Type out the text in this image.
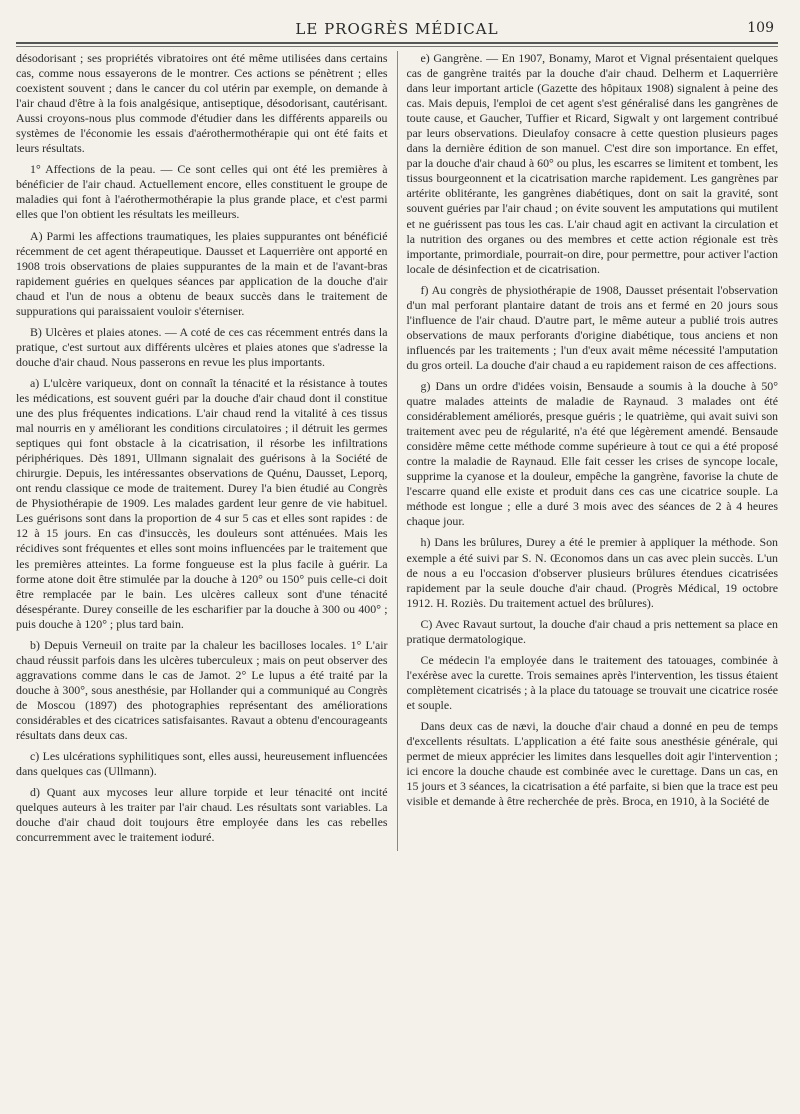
LE PROGRÈS MÉDICAL	109

désodorisant ; ses propriétés vibratoires ont été même utilisées dans certains cas, comme nous essayerons de le montrer. Ces actions se pénètrent ; elles coexistent souvent ; dans le cancer du col utérin par exemple, on demande à l'air chaud d'être à la fois analgésique, antiseptique, désodorisant, cautérisant. Aussi croyons-nous plus commode d'étudier dans les différents appareils ou systèmes de l'économie les essais d'aérothermothérapie qui ont été faits et leurs résultats.

1° Affections de la peau. — Ce sont celles qui ont été les premières à bénéficier de l'air chaud. Actuellement encore, elles constituent le groupe de maladies qui font à l'aérothermothérapie la plus grande place, et c'est parmi elles que l'on obtient les résultats les meilleurs.

A) Parmi les affections traumatiques, les plaies suppurantes ont bénéficié récemment de cet agent thérapeutique. Dausset et Laquerrière ont apporté en 1908 trois observations de plaies suppurantes de la main et de l'avant-bras rapidement guéries en quelques séances par application de la douche d'air chaud et l'un de nous a obtenu de beaux succès dans le traitement de suppurations qui paraissaient vouloir s'éterniser.

B) Ulcères et plaies atones. — A coté de ces cas récemment entrés dans la pratique, c'est surtout aux différents ulcères et plaies atones que s'adresse la douche d'air chaud. Nous passerons en revue les plus importants.

a) L'ulcère variqueux, dont on connaît la ténacité et la résistance à toutes les médications, est souvent guéri par la douche d'air chaud dont il constitue une des plus fréquentes indications. L'air chaud rend la vitalité à ces tissus mal nourris en y améliorant les conditions circulatoires ; il détruit les germes septiques qui font obstacle à la cicatrisation, il résorbe les infiltrations périphériques. Dès 1891, Ullmann signalait des guérisons à la Société de chirurgie. Depuis, les intéressantes observations de Quénu, Dausset, Leporq, ont rendu classique ce mode de traitement. Durey l'a bien étudié au Congrès de Physiothérapie de 1909. Les malades gardent leur genre de vie habituel. Les guérisons sont dans la proportion de 4 sur 5 cas et elles sont rapides : de 12 à 15 jours. En cas d'insuccès, les douleurs sont atténuées. Mais les récidives sont fréquentes et elles sont moins influencées par le traitement que les premières atteintes. La forme fongueuse est la plus facile à guérir. La forme atone doit être stimulée par la douche à 120° ou 150° puis celle-ci doit être remplacée par le bain. Les ulcères calleux sont d'une ténacité désespérante. Durey conseille de les escharifier par la douche à 300 ou 400° ; puis douche à 120° ; plus tard bain.

b) Depuis Verneuil on traite par la chaleur les bacilloses locales. 1° L'air chaud réussit parfois dans les ulcères tuberculeux ; mais on peut observer des aggravations comme dans le cas de Jamot. 2° Le lupus a été traité par la douche à 300°, sous anesthésie, par Hollander qui a communiqué au Congrès de Moscou (1897) des photographies représentant des améliorations considérables et des cicatrices satisfaisantes. Ravaut a obtenu d'encourageants résultats dans deux cas.

c) Les ulcérations syphilitiques sont, elles aussi, heureusement influencées dans quelques cas (Ullmann).

d) Quant aux mycoses leur allure torpide et leur ténacité ont incité quelques auteurs à les traiter par l'air chaud. Les résultats sont variables. La douche d'air chaud doit toujours être employée dans les cas rebelles concurremment avec le traitement ioduré.

e) Gangrène. — En 1907, Bonamy, Marot et Vignal présentaient quelques cas de gangrène traités par la douche d'air chaud. Delherm et Laquerrière dans leur important article (Gazette des hôpitaux 1908) signalent à peine des cas. Mais depuis, l'emploi de cet agent s'est généralisé dans les gangrènes de toute cause, et Gaucher, Tuffier et Ricard, Sigwalt y ont largement contribué par leurs observations. Dieulafoy consacre à cette question plusieurs pages dans la dernière édition de son manuel. C'est dire son importance. En effet, par la douche d'air chaud à 60° ou plus, les escarres se limitent et tombent, les tissus bourgeonnent et la cicatrisation marche rapidement. Les gangrènes par artérite oblitérante, les gangrènes diabétiques, dont on sait la gravité, sont souvent guéries par l'air chaud ; on évite souvent les amputations qui mutilent et ne guérissent pas tous les cas. L'air chaud agit en activant la circulation et la nutrition des organes ou des membres et cette action régionale est très importante, primordiale, pourrait-on dire, pour permettre, pour activer l'action locale de désinfection et de cicatrisation.

f) Au congrès de physiothérapie de 1908, Dausset présentait l'observation d'un mal perforant plantaire datant de trois ans et fermé en 20 jours sous l'influence de l'air chaud. D'autre part, le même auteur a publié trois autres observations de maux perforants d'origine diabétique, tous anciens et non influencés par les traitements ; l'un d'eux avait même nécessité l'amputation du gros orteil. La douche d'air chaud a eu rapidement raison de ces affections.

g) Dans un ordre d'idées voisin, Bensaude a soumis à la douche à 50° quatre malades atteints de maladie de Raynaud. 3 malades ont été considérablement améliorés, presque guéris ; le quatrième, qui avait suivi son traitement avec peu de régularité, n'a été que légèrement amendé. Bensaude considère même cette méthode comme supérieure à tout ce qui a été proposé contre la maladie de Raynaud. Elle fait cesser les crises de syncope locale, supprime la cyanose et la douleur, empêche la gangrène, favorise la chute de l'escarre quand elle existe et produit dans ces cas une cicatrice souple. La méthode est longue ; elle a duré 3 mois avec des séances de 2 à 4 heures chaque jour.

h) Dans les brûlures, Durey a été le premier à appliquer la méthode. Son exemple a été suivi par S. N. Œconomos dans un cas avec plein succès. L'un de nous a eu l'occasion d'observer plusieurs brûlures étendues cicatrisées rapidement par la seule douche d'air chaud. (Progrès Médical, 19 octobre 1912. H. Roziès. Du traitement actuel des brûlures).

C) Avec Ravaut surtout, la douche d'air chaud a pris nettement sa place en pratique dermatologique.

Ce médecin l'a employée dans le traitement des tatouages, combinée à l'exérèse avec la curette. Trois semaines après l'intervention, les tissus étaient complètement cicatrisés ; à la place du tatouage se trouvait une cicatrice rosée et souple.

Dans deux cas de nævi, la douche d'air chaud a donné en peu de temps d'excellents résultats. L'application a été faite sous anesthésie générale, qui permet de mieux apprécier les limites dans lesquelles doit agir l'intervention ; ici encore la douche chaude est combinée avec le curettage. Dans un cas, en 15 jours et 3 séances, la cicatrisation a été parfaite, si bien que la trace est peu visible et demande à être recherchée de près. Broca, en 1910, à la Société de
